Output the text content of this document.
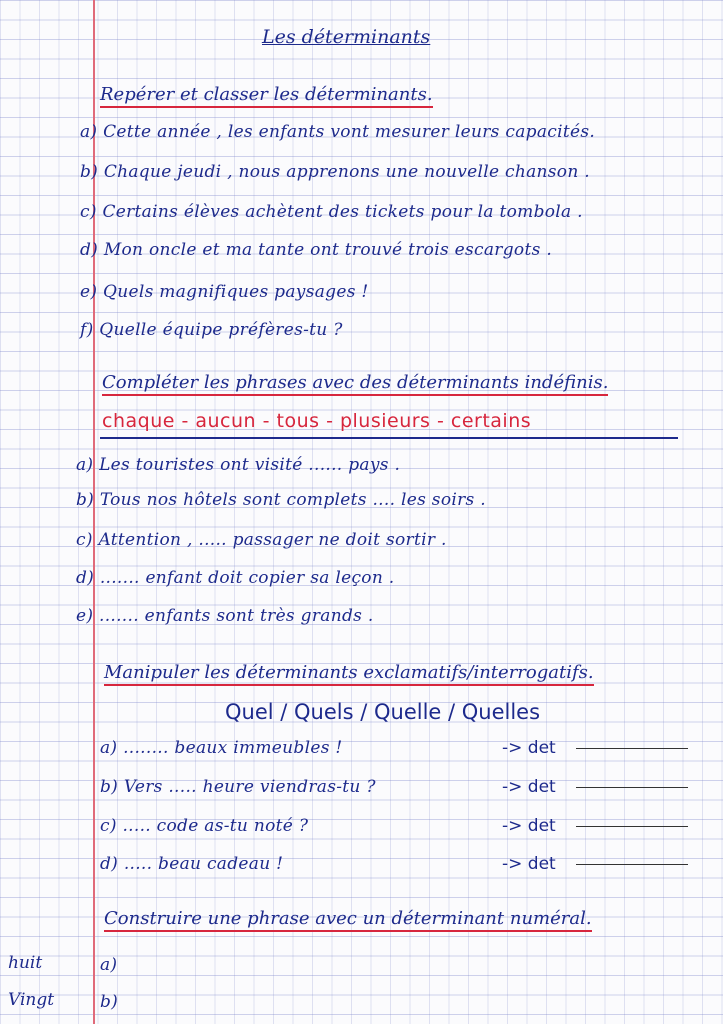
Les déterminants
Repérer et classer les déterminants.
a) Cette année , les enfants vont mesurer leurs capacités.
b) Chaque jeudi , nous apprenons une nouvelle chanson .
c) Certains élèves achètent des tickets pour la tombola .
d) Mon oncle et ma tante ont trouvé trois escargots .
e) Quels magnifiques paysages !
f) Quelle équipe préfères-tu ?
Compléter les phrases avec des déterminants indéfinis.
chaque - aucun - tous - plusieurs - certains
a) Les touristes ont visité ...... pays .
b) Tous nos hôtels sont complets .... les soirs .
c) Attention , ..... passager ne doit sortir .
d) ....... enfant doit copier sa leçon .
e) ....... enfants sont très grands .
Manipuler les déterminants exclamatifs/interrogatifs.
Quel / Quels / Quelle / Quelles
a) ........ beaux immeubles !	-> det
b) Vers ..... heure viendras-tu ?	-> det
c) ..... code as-tu noté ?	-> det
d) ..... beau cadeau !	-> det
Construire une phrase avec un déterminant numéral.
huit	a)
Vingt	b)
